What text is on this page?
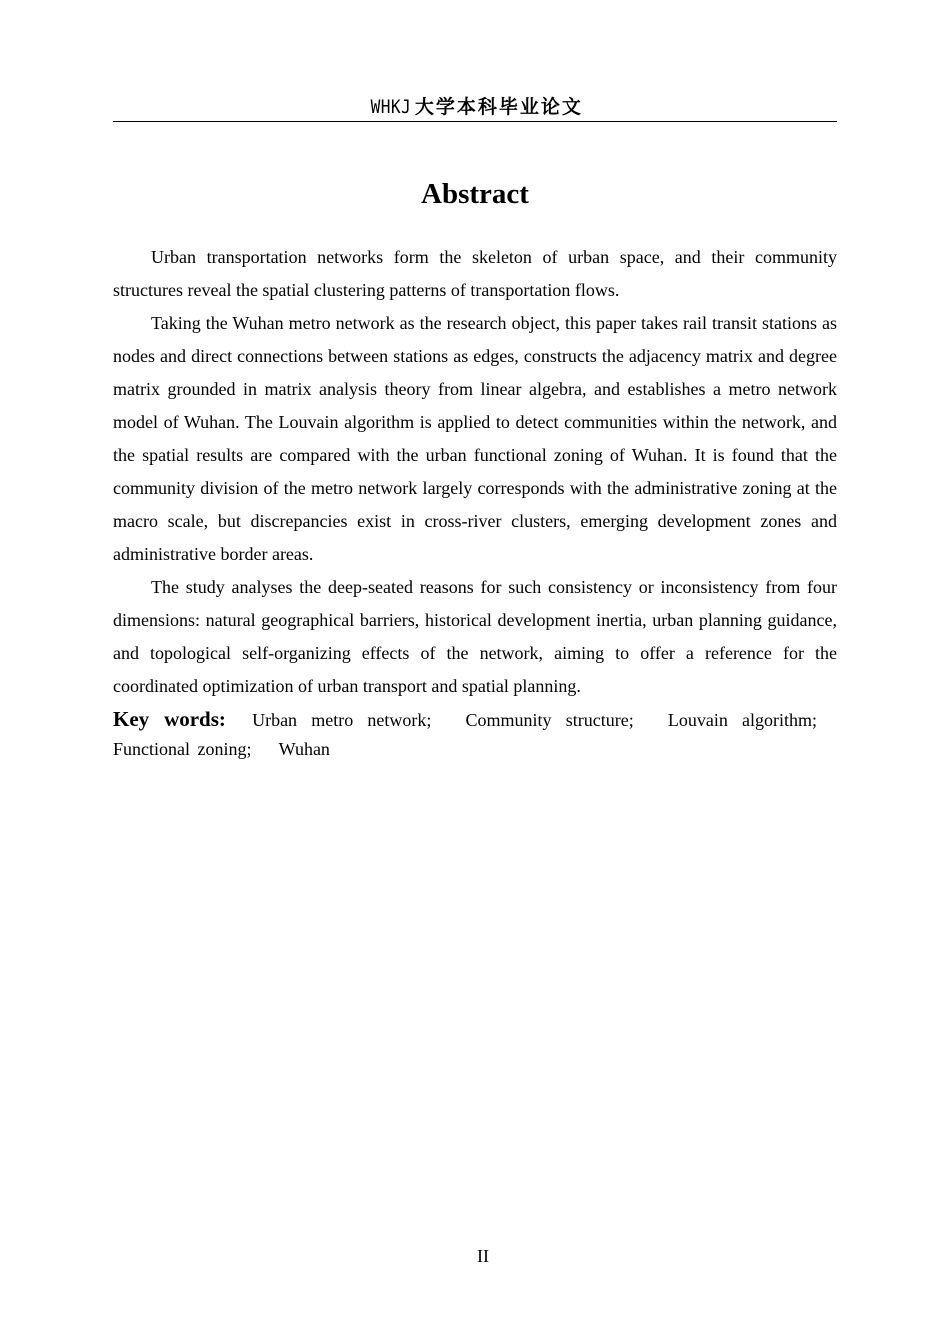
WHKJ 大学本科毕业论文
Abstract

Urban transportation networks form the skeleton of urban space, and their community structures reveal the spatial clustering patterns of transportation flows.

Taking the Wuhan metro network as the research object, this paper takes rail transit stations as nodes and direct connections between stations as edges, constructs the adjacency matrix and degree matrix grounded in matrix analysis theory from linear algebra, and establishes a metro network model of Wuhan. The Louvain algorithm is applied to detect communities within the network, and the spatial results are compared with the urban functional zoning of Wuhan. It is found that the community division of the metro network largely corresponds with the administrative zoning at the macro scale, but discrepancies exist in cross-river clusters, emerging development zones and administrative border areas.

The study analyses the deep-seated reasons for such consistency or inconsistency from four dimensions: natural geographical barriers, historical development inertia, urban planning guidance, and topological self-organizing effects of the network, aiming to offer a reference for the coordinated optimization of urban transport and spatial planning.

Key words: Urban metro network; Community structure; Louvain algorithm; Functional zoning; Wuhan

II
